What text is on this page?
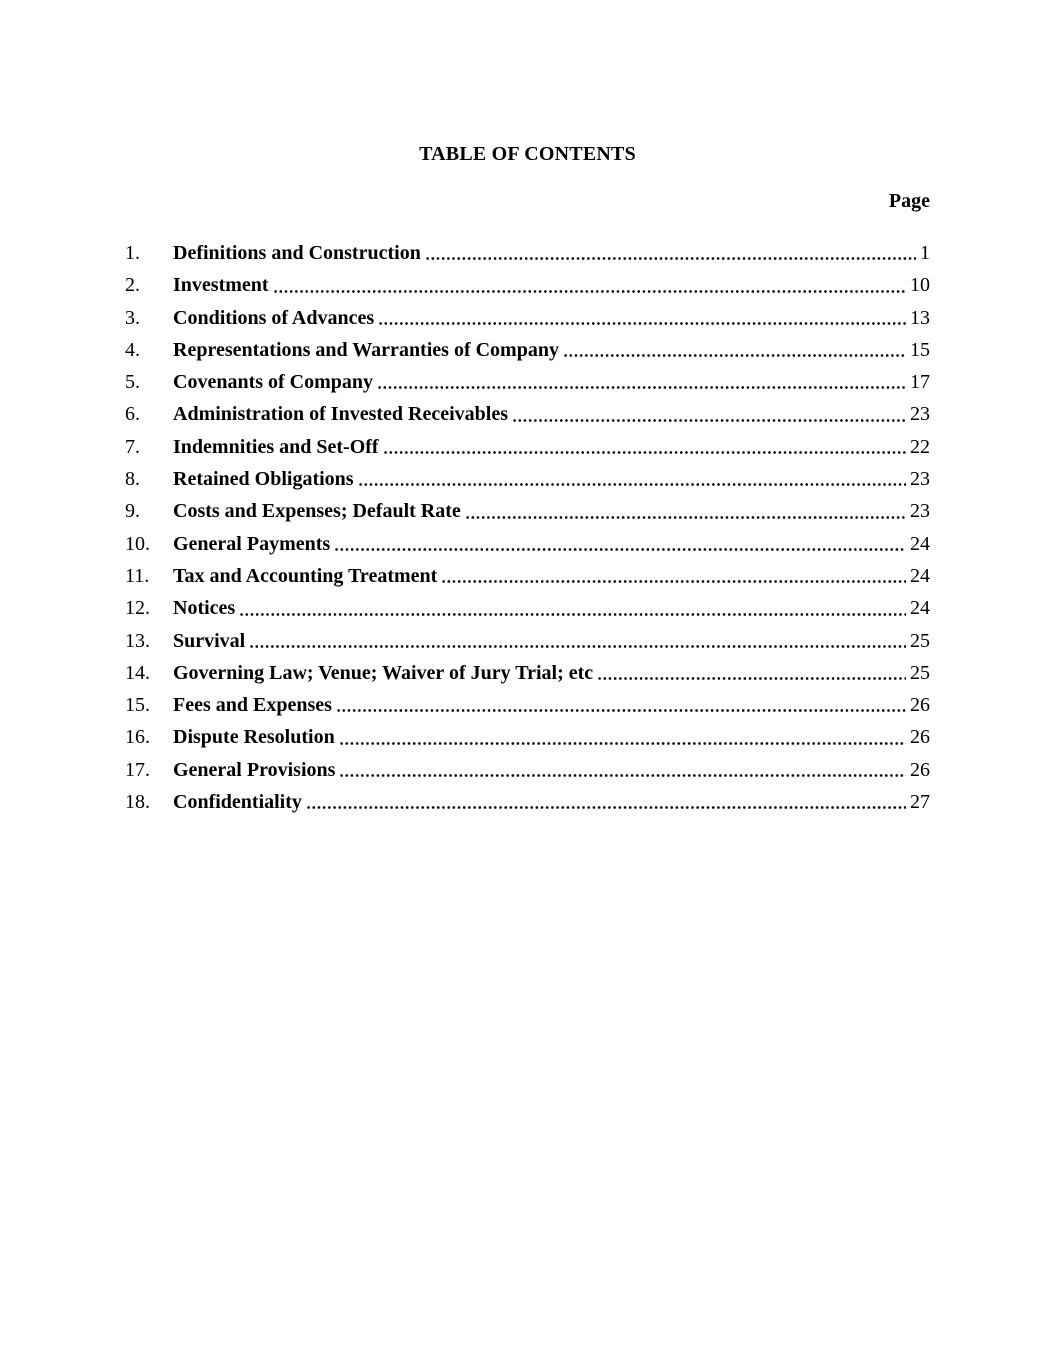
TABLE OF CONTENTS
Page
1.	Definitions and Construction	1
2.	Investment	10
3.	Conditions of Advances	13
4.	Representations and Warranties of Company	15
5.	Covenants of Company	17
6.	Administration of Invested Receivables	23
7.	Indemnities and Set-Off	22
8.	Retained Obligations	23
9.	Costs and Expenses; Default Rate	23
10.	General Payments	24
11.	Tax and Accounting Treatment	24
12.	Notices	24
13.	Survival	25
14.	Governing Law; Venue; Waiver of Jury Trial; etc	25
15.	Fees and Expenses	26
16.	Dispute Resolution	26
17.	General Provisions	26
18.	Confidentiality	27
